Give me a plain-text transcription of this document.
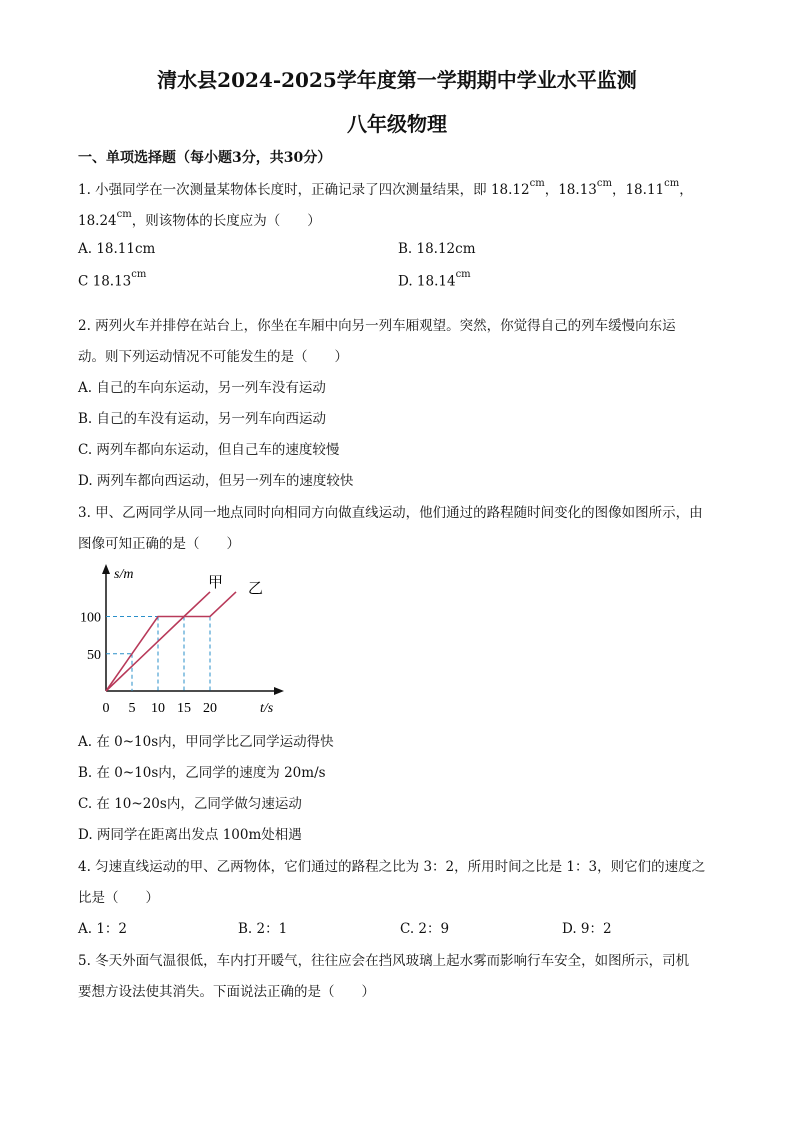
清水县2024-2025学年度第一学期期中学业水平监测
八年级物理
一、单项选择题（每小题3分，共30分）
1. 小强同学在一次测量某物体长度时，正确记录了四次测量结果，即 $18.12^{cm}$，$18.13^{cm}$，$18.11^{cm}$，
$18.24^{cm}$，则该物体的长度应为（　　）
A. 18.11cm	B. 18.12cm
C $18.13^{cm}$	D. $18.14^{cm}$
2. 两列火车并排停在站台上，你坐在车厢中向另一列车厢观望。突然，你觉得自己的列车缓慢向东运
动。则下列运动情况不可能发生的是（　　）
A. 自己的车向东运动，另一列车没有运动
B. 自己的车没有运动，另一列车向西运动
C. 两列车都向东运动，但自己车的速度较慢
D. 两列车都向西运动，但另一列车的速度较快
3. 甲、乙两同学从同一地点同时向相同方向做直线运动，他们通过的路程随时间变化的图像如图所示，由
图像可知正确的是（　　）
s/m
t/s
甲 乙
0 5 10 15 20
100
50
A. 在 0~10s内，甲同学比乙同学运动得快
B. 在 0~10s内，乙同学的速度为 20m/s
C. 在 10~20s内，乙同学做匀速运动
D. 两同学在距离出发点 100m处相遇
4. 匀速直线运动的甲、乙两物体，它们通过的路程之比为 3：2，所用时间之比是 1：3，则它们的速度之
比是（　　）
A. 1：2	B. 2：1	C. 2：9	D. 9：2
5. 冬天外面气温很低，车内打开暖气，往往应会在挡风玻璃上起水雾而影响行车安全，如图所示，司机
要想方设法使其消失。下面说法正确的是（　　）
